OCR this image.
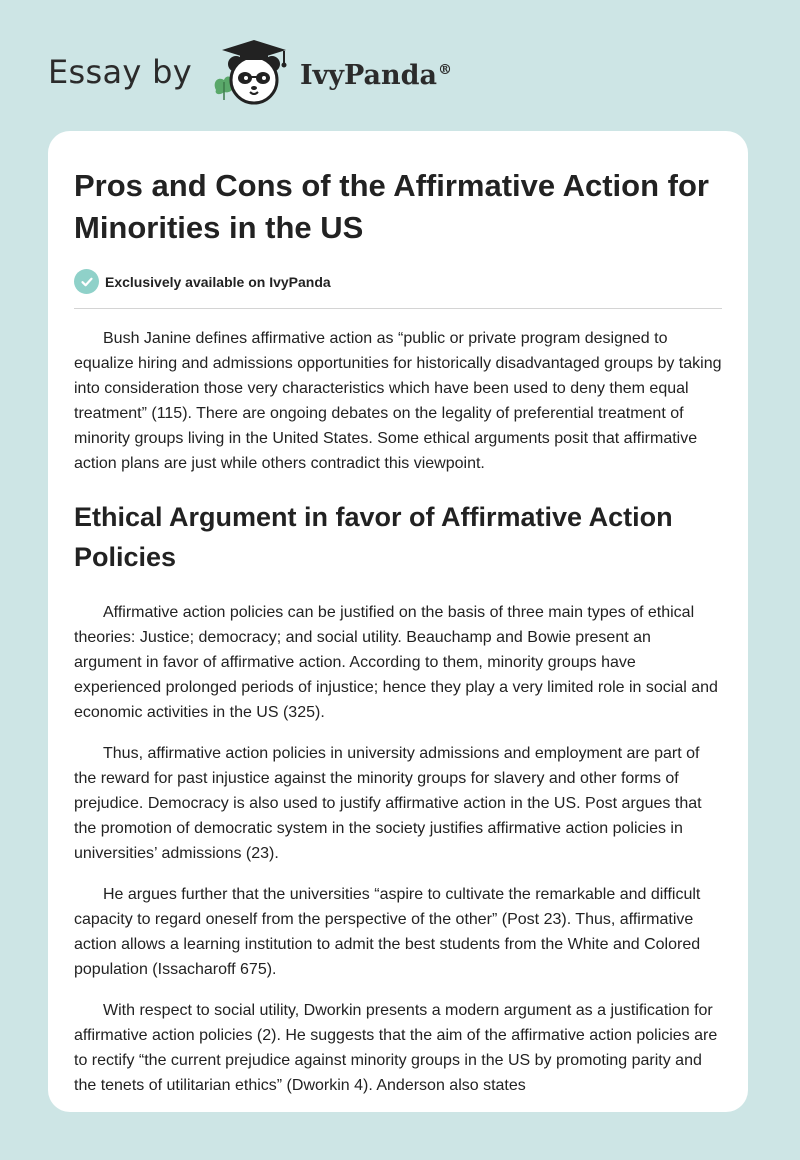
Essay by	IvyPanda®
Pros and Cons of the Affirmative Action for Minorities in the US
Exclusively available on IvyPanda

Bush Janine defines affirmative action as “public or private program designed to equalize hiring and admissions opportunities for historically disadvantaged groups by taking into consideration those very characteristics which have been used to deny them equal treatment” (115). There are ongoing debates on the legality of preferential treatment of minority groups living in the United States. Some ethical arguments posit that affirmative action plans are just while others contradict this viewpoint.

Ethical Argument in favor of Affirmative Action Policies

Affirmative action policies can be justified on the basis of three main types of ethical theories: Justice; democracy; and social utility. Beauchamp and Bowie present an argument in favor of affirmative action. According to them, minority groups have experienced prolonged periods of injustice; hence they play a very limited role in social and economic activities in the US (325).

Thus, affirmative action policies in university admissions and employment are part of the reward for past injustice against the minority groups for slavery and other forms of prejudice. Democracy is also used to justify affirmative action in the US. Post argues that the promotion of democratic system in the society justifies affirmative action policies in universities’ admissions (23).

He argues further that the universities “aspire to cultivate the remarkable and difficult capacity to regard oneself from the perspective of the other” (Post 23). Thus, affirmative action allows a learning institution to admit the best students from the White and Colored population (Issacharoff 675).

With respect to social utility, Dworkin presents a modern argument as a justification for affirmative action policies (2). He suggests that the aim of the affirmative action policies are to rectify “the current prejudice against minority groups in the US by promoting parity and the tenets of utilitarian ethics” (Dworkin 4). Anderson also states
